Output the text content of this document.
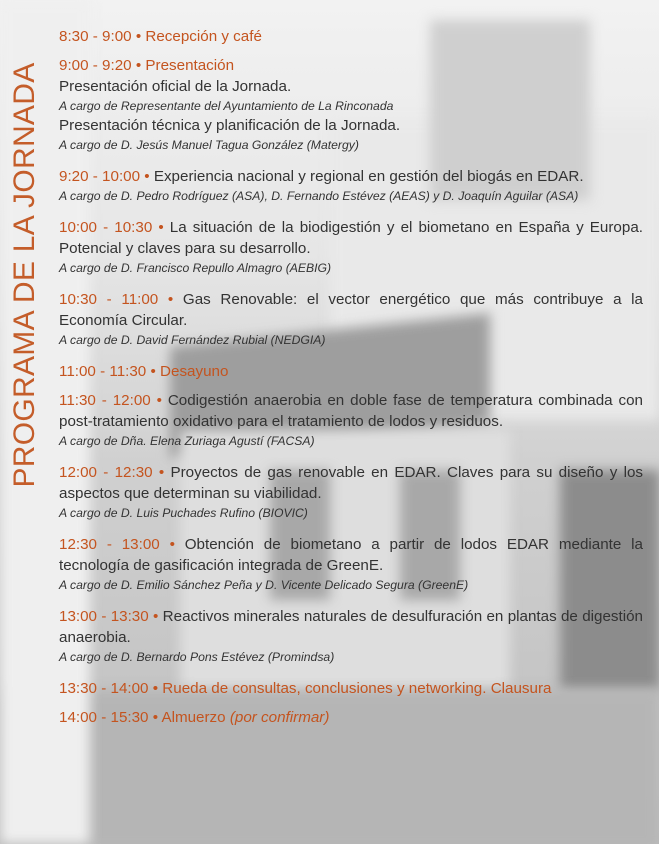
PROGRAMA DE LA JORNADA
8:30 - 9:00 • Recepción y café
9:00 - 9:20 • Presentación
Presentación oficial de la Jornada.
A cargo de Representante del Ayuntamiento de La Rinconada
Presentación técnica y planificación de la Jornada.
A cargo de D. Jesús Manuel Tagua González (Matergy)
9:20 - 10:00 • Experiencia nacional y regional en gestión del biogás en EDAR.
A cargo de D. Pedro Rodríguez (ASA), D. Fernando Estévez (AEAS) y D. Joaquín Aguilar (ASA)
10:00 - 10:30 • La situación de la biodigestión y el biometano en España y Europa. Potencial y claves para su desarrollo.
A cargo de D. Francisco Repullo Almagro (AEBIG)
10:30 - 11:00 • Gas Renovable: el vector energético que más contribuye a la Economía Circular.
A cargo de D. David Fernández Rubial (NEDGIA)
11:00 - 11:30 • Desayuno
11:30 - 12:00 • Codigestión anaerobia en doble fase de temperatura combinada con post-tratamiento oxidativo para el tratamiento de lodos y residuos.
A cargo de Dña. Elena Zuriaga Agustí (FACSA)
12:00 - 12:30 • Proyectos de gas renovable en EDAR. Claves para su diseño y los aspectos que determinan su viabilidad.
A cargo de D. Luis Puchades Rufino (BIOVIC)
12:30 - 13:00 • Obtención de biometano a partir de lodos EDAR mediante la tecnología de gasificación integrada de GreenE.
A cargo de D. Emilio Sánchez Peña y D. Vicente Delicado Segura (GreenE)
13:00 - 13:30 • Reactivos minerales naturales de desulfuración en plantas de digestión anaerobia.
A cargo de D. Bernardo Pons Estévez (Promindsa)
13:30 - 14:00 • Rueda de consultas, conclusiones y networking. Clausura
14:00 - 15:30 • Almuerzo (por confirmar)
